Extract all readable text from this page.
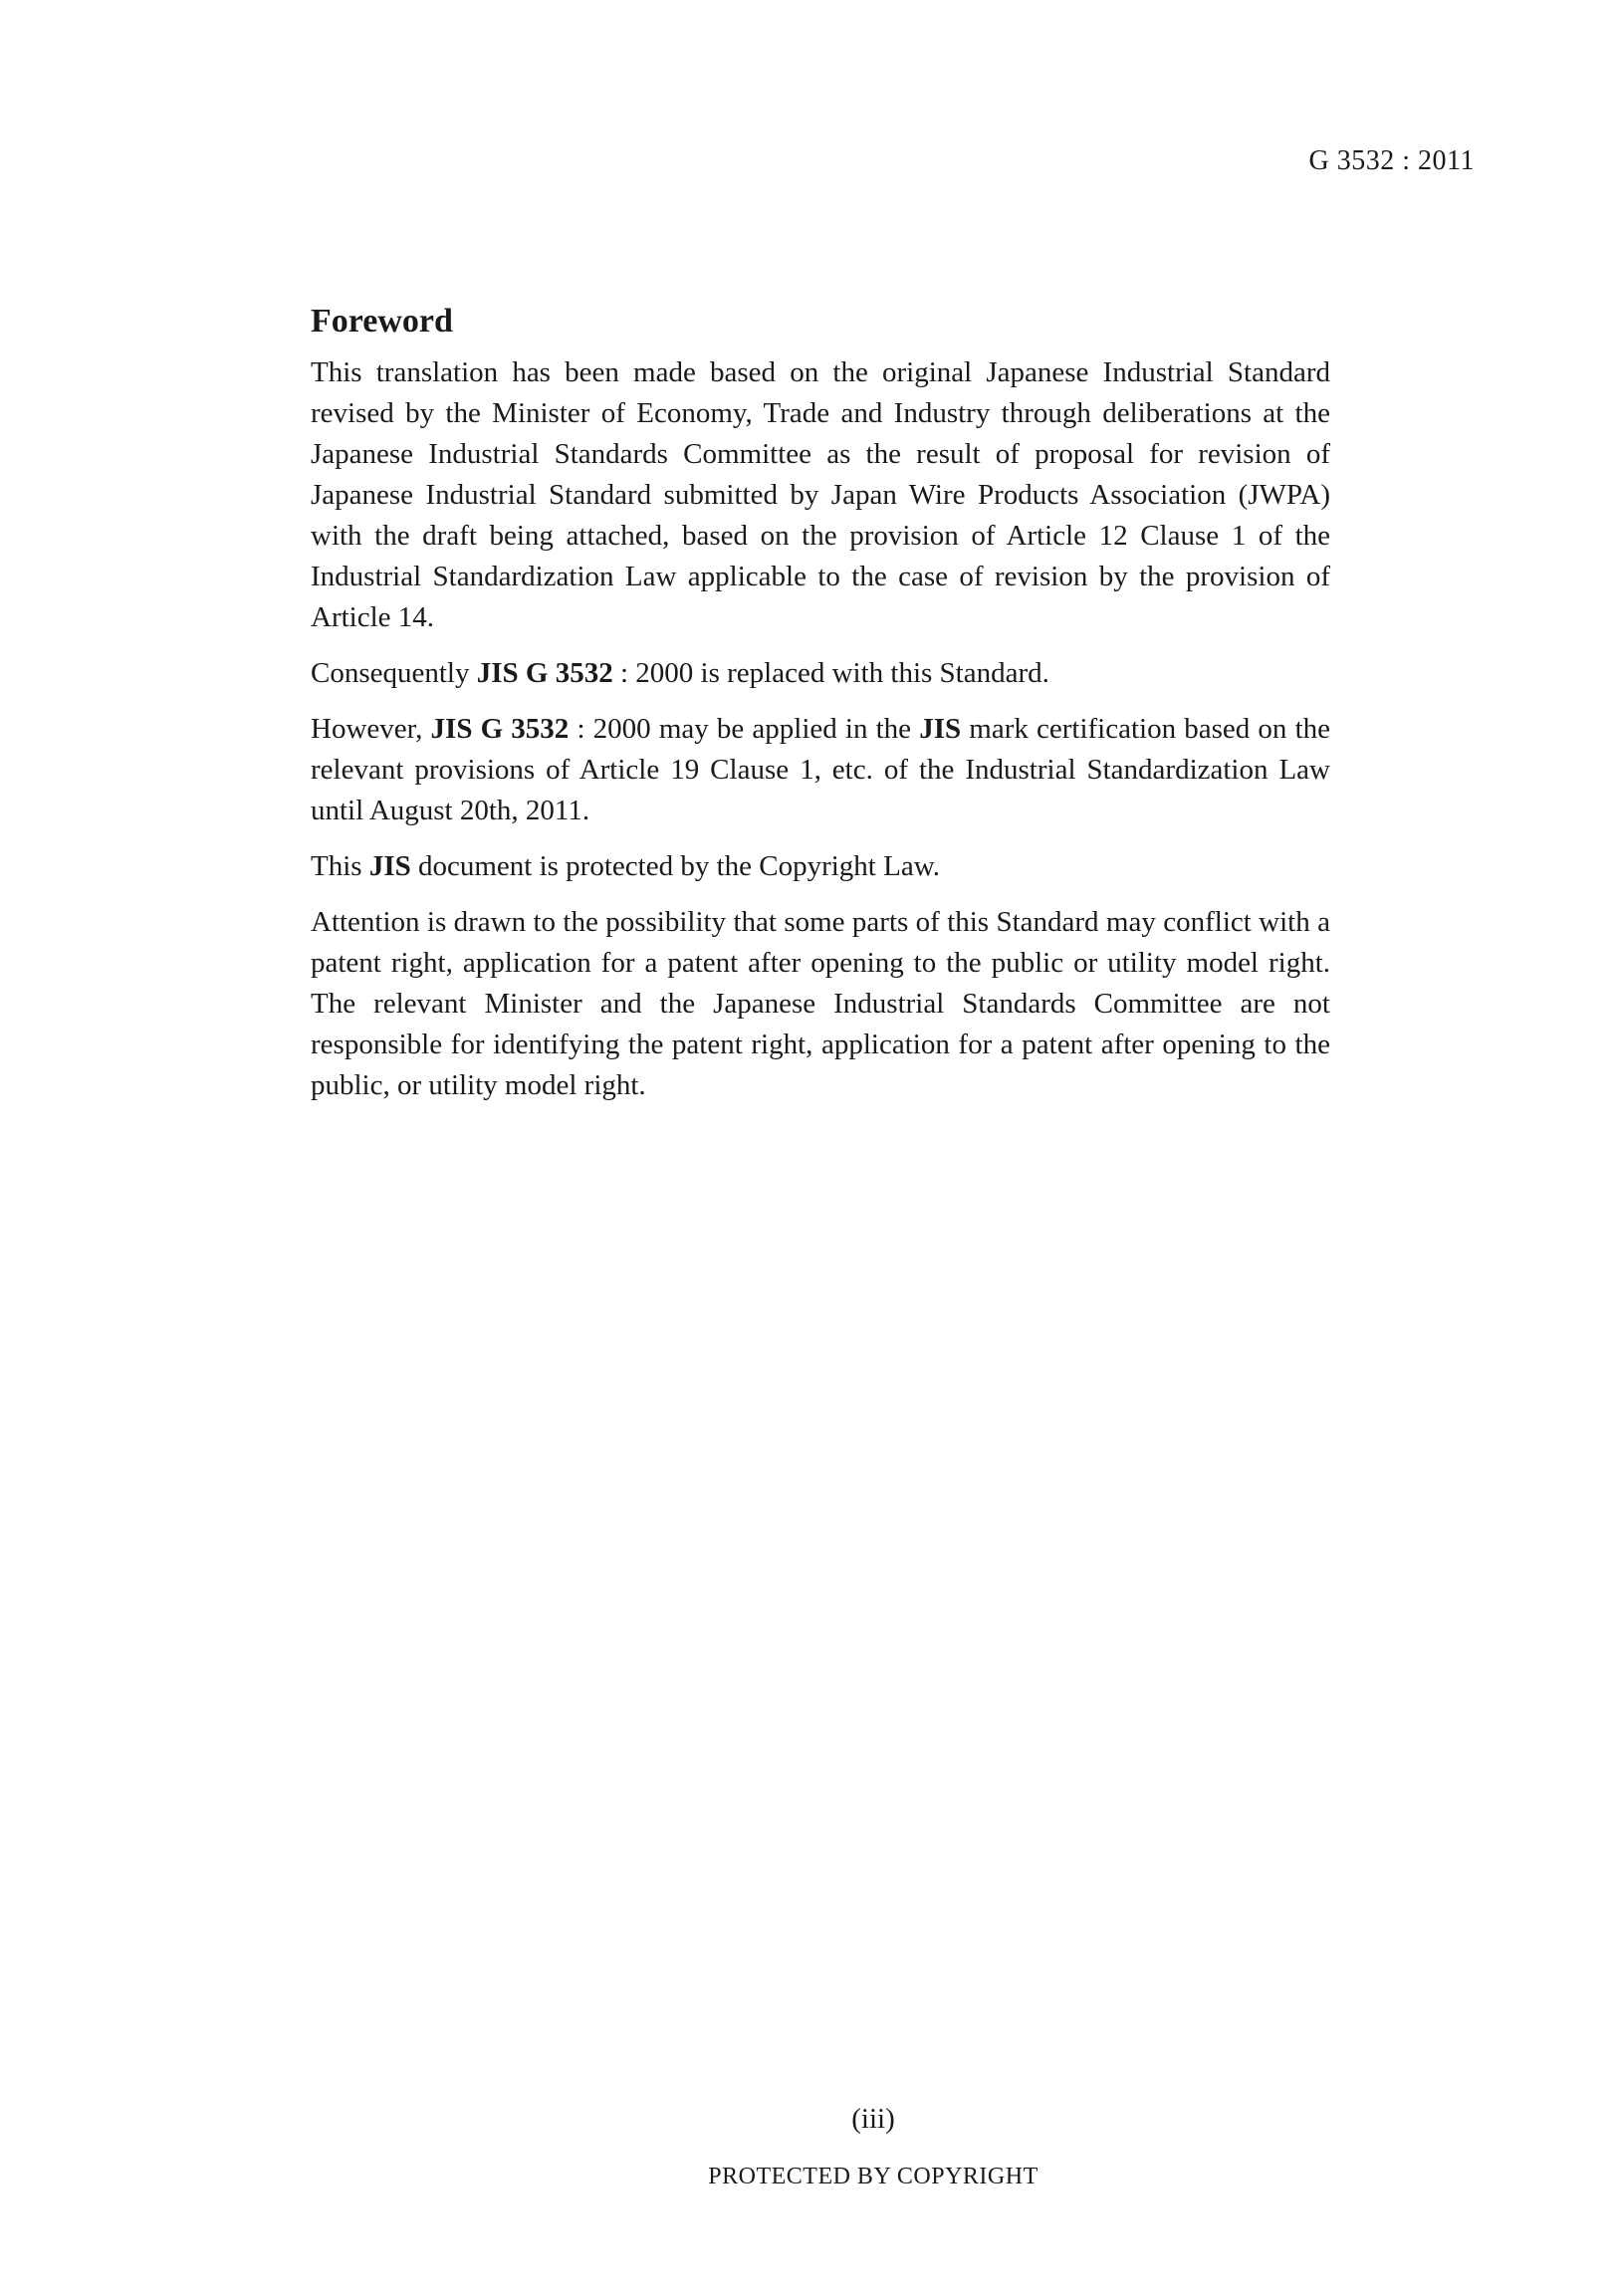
G 3532 : 2011
Foreword

This translation has been made based on the original Japanese Industrial Standard revised by the Minister of Economy, Trade and Industry through deliberations at the Japanese Industrial Standards Committee as the result of proposal for revision of Japanese Industrial Standard submitted by Japan Wire Products Association (JWPA) with the draft being attached, based on the provision of Article 12 Clause 1 of the Industrial Standardization Law applicable to the case of revision by the provision of Article 14.

Consequently JIS G 3532 : 2000 is replaced with this Standard.

However, JIS G 3532 : 2000 may be applied in the JIS mark certification based on the relevant provisions of Article 19 Clause 1, etc. of the Industrial Standardization Law until August 20th, 2011.

This JIS document is protected by the Copyright Law.

Attention is drawn to the possibility that some parts of this Standard may conflict with a patent right, application for a patent after opening to the public or utility model right. The relevant Minister and the Japanese Industrial Standards Committee are not responsible for identifying the patent right, application for a patent after opening to the public, or utility model right.

(iii)
PROTECTED BY COPYRIGHT
